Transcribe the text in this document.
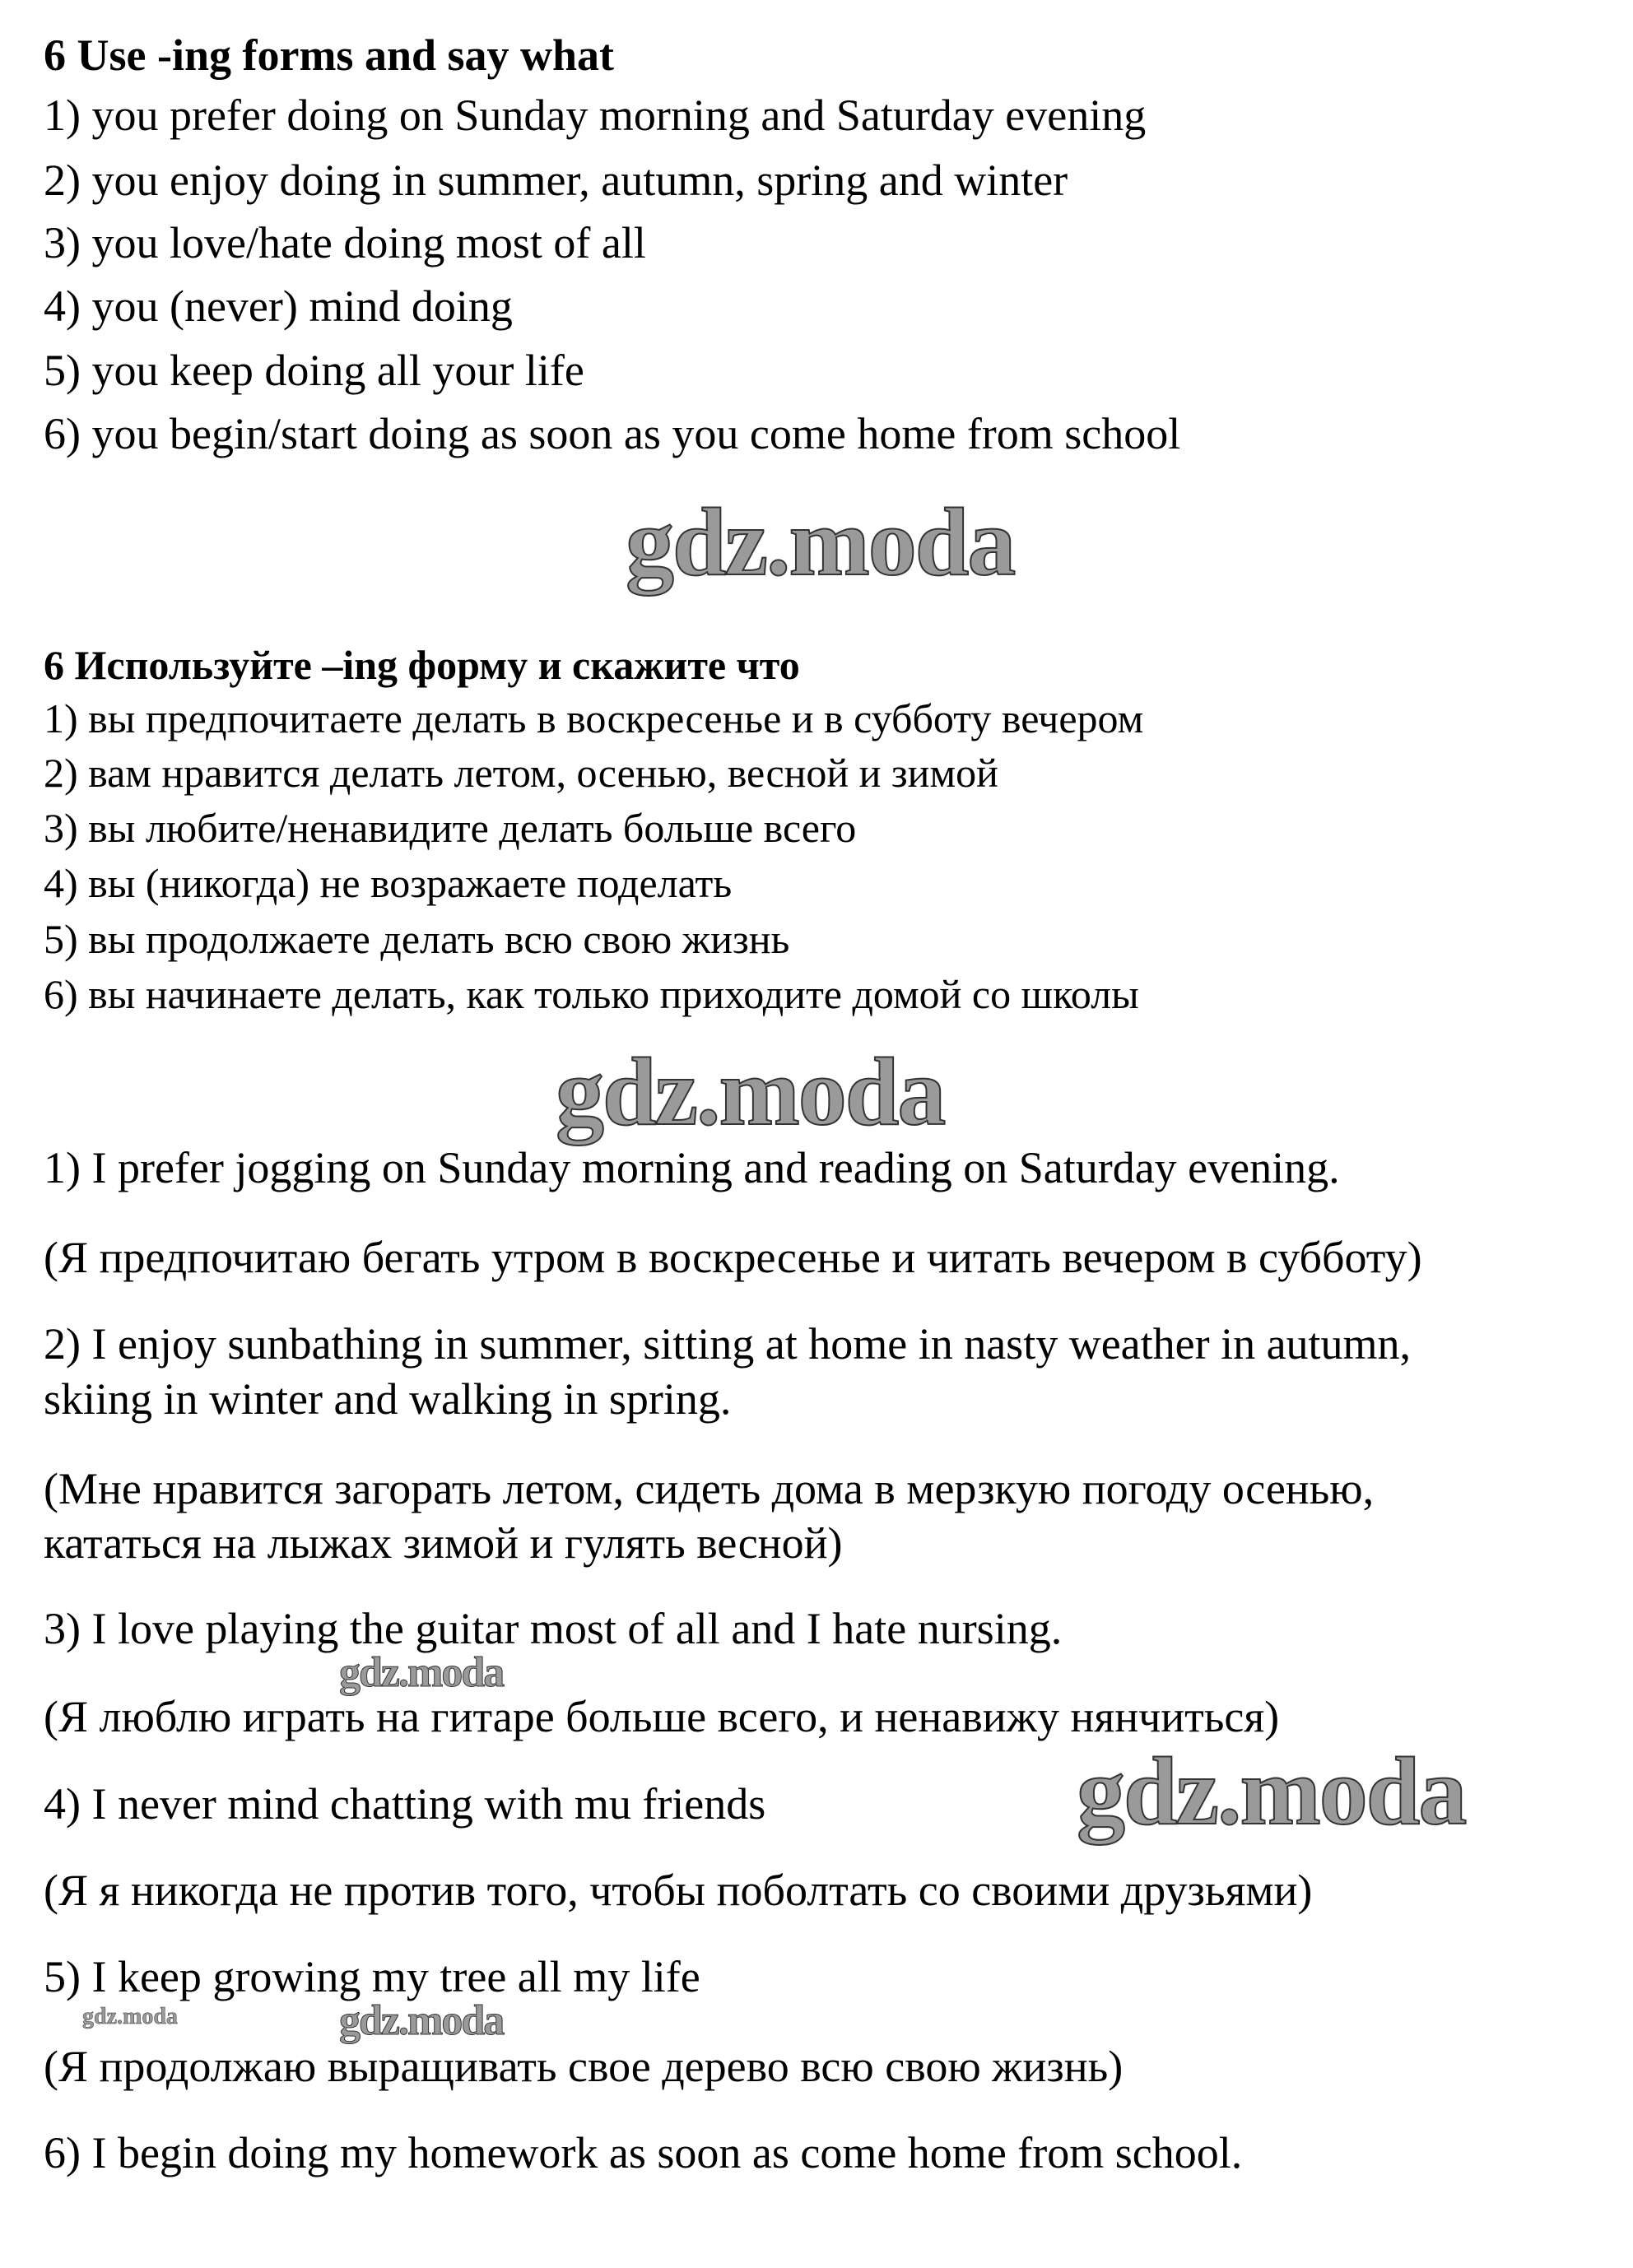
6 Use -ing forms and say what
1) you prefer doing on Sunday morning and Saturday evening
2) you enjoy doing in summer, autumn, spring and winter
3) you love/hate doing most of all
4) you (never) mind doing
5) you keep doing all your life
6) you begin/start doing as soon as you come home from school
6 Используйте –ing форму и скажите что
1) вы предпочитаете делать в воскресенье и в субботу вечером
2) вам нравится делать летом, осенью, весной и зимой
3) вы любите/ненавидите делать больше всего
4) вы (никогда) не возражаете поделать
5) вы продолжаете делать всю свою жизнь
6) вы начинаете делать, как только приходите домой со школы
1) I prefer jogging on Sunday morning and reading on Saturday evening.
(Я предпочитаю бегать утром в воскресенье и читать вечером в субботу)
2) I enjoy sunbathing in summer, sitting at home in nasty weather in autumn,
skiing in winter and walking in spring.
(Мне нравится загорать летом, сидеть дома в мерзкую погоду осенью,
кататься на лыжах зимой и гулять весной)
3) I love playing the guitar most of all and I hate nursing.
(Я люблю играть на гитаре больше всего, и ненавижу нянчиться)
4) I never mind chatting with mu friends
(Я я никогда не против того, чтобы поболтать со своими друзьями)
5) I keep growing my tree all my life
(Я продолжаю выращивать свое дерево всю свою жизнь)
6) I begin doing my homework as soon as come home from school.
gdz.moda
gdz.moda
gdz.moda
gdz.moda
gdz.moda	gdz.moda
